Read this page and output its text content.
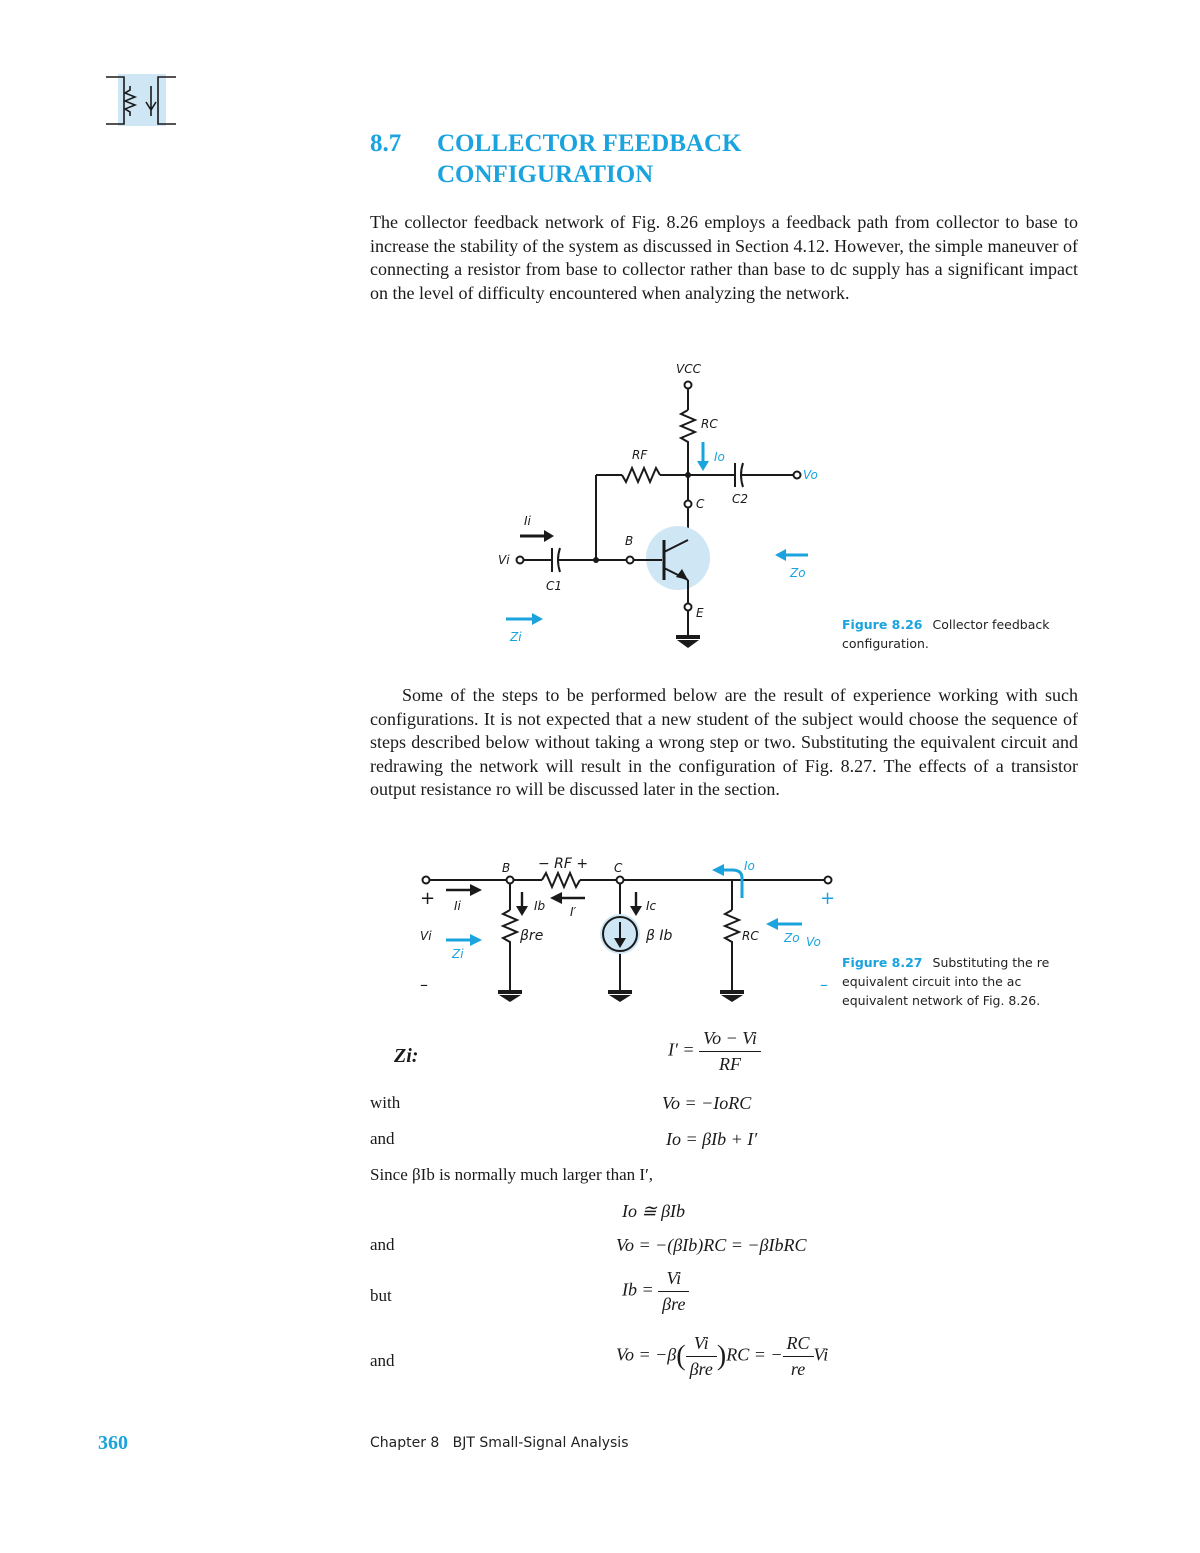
8.7 COLLECTOR FEEDBACK
CONFIGURATION
The collector feedback network of Fig. 8.26 employs a feedback path from collector to base to increase the stability of the system as discussed in Section 4.12. However, the simple maneuver of connecting a resistor from base to collector rather than base to dc supply has a significant impact on the level of difficulty encountered when analyzing the network.
VCC
RC
RF	Io
Vo
C C2
Ii
Vi
B
C1
E
Zo
Zi
Figure 8.26 Collector feedback configuration.
Some of the steps to be performed below are the result of experience working with such configurations. It is not expected that a new student of the subject would choose the sequence of steps described below without taking a wrong step or two. Substituting the equivalent circuit and redrawing the network will result in the configuration of Fig. 8.27. The effects of a transistor output resistance ro will be discussed later in the section.
B − RF + C	Io
+	+
Ii	Ib I′	Ic
Vi	βre	β Ib	RC Zo Vo
Zi
–	–
Figure 8.27 Substituting the re
equivalent circuit into the ac
equivalent network of Fig. 8.26.
Zi:	$I' = \frac{Vo - Vi}{RF}$
with	Vo = −IoRC
and	Io = βIb + I′
Since βIb is normally much larger than I′,
Io ≅ βIb
and	Vo = −(βIb)RC = −βIbRC
but	$Ib = \frac{Vi}{\text{βre}}$
and	$Vo = -\beta( \frac{Vi}{\text{βre}} )RC$ = − $\frac{RC}{re}$ Vi
360	Chapter 8   BJT Small-Signal Analysis
